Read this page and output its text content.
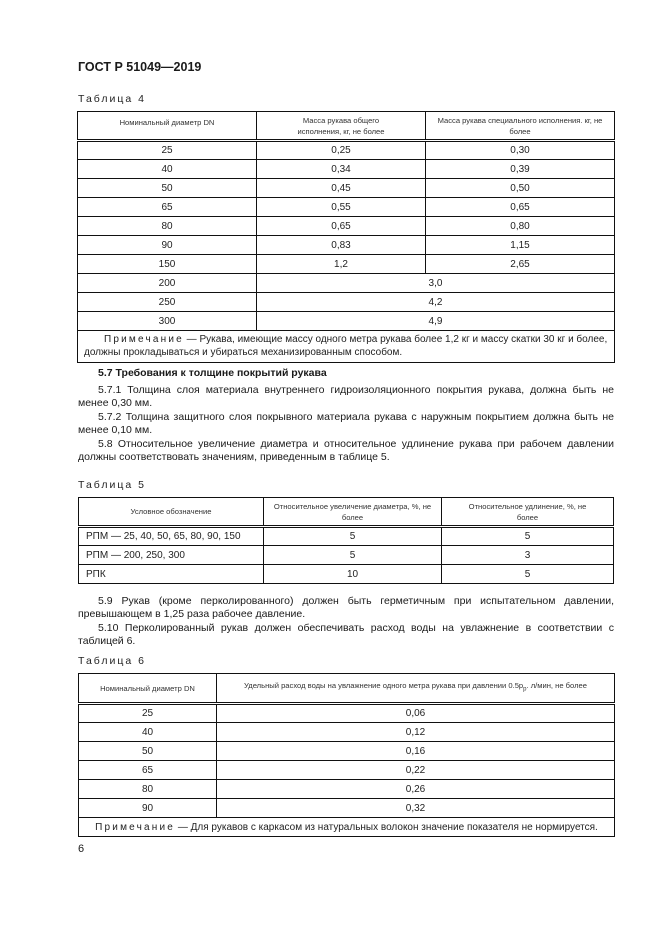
ГОСТ Р 51049—2019
Таблица 4
Номинальный диаметр DN	Масса рукава общего исполнения, кг, не более	Масса рукава специального исполнения. кг, не более
25	0,25	0,30
40	0,34	0,39
50	0,45	0,50
65	0,55	0,65
80	0,65	0,80
90	0,83	1,15
150	1,2	2,65
200	3,0	
250	4,2	
300	4,9	
Примечание — Рукава, имеющие массу одного метра рукава более 1,2 кг и массу скатки 30 кг и более, должны прокладываться и убираться механизированным способом.		
5.7 Требования к толщине покрытий рукава
5.7.1 Толщина слоя материала внутреннего гидроизоляционного покрытия рукава, должна быть не менее 0,30 мм.
5.7.2 Толщина защитного слоя покрывного материала рукава с наружным покрытием должна быть не менее 0,10 мм.
5.8 Относительное увеличение диаметра и относительное удлинение рукава при рабочем давлении должны соответствовать значениям, приведенным в таблице 5.
Таблица 5
Условное обозначение	Относительное увеличение диаметра, %, не более	Относительное удлинение, %, не более
РПМ — 25, 40, 50, 65, 80, 90, 150	5	5
РПМ — 200, 250, 300	5	3
РПК	10	5
5.9 Рукав (кроме перколированного) должен быть герметичным при испытательном давлении, превышающем в 1,25 раза рабочее давление.
5.10 Перколированный рукав должен обеспечивать расход воды на увлажнение в соответствии с таблицей 6.
Таблица 6
Номинальный диаметр DN	Удельный расход воды на увлажнение одного метра рукава при давлении $0.5p_р$. л/мин, не более
25	0,06
40	0,12
50	0,16
65	0,22
80	0,26
90	0,32
Примечание — Для рукавов с каркасом из натуральных волокон значение показателя не нормируется.	
6
